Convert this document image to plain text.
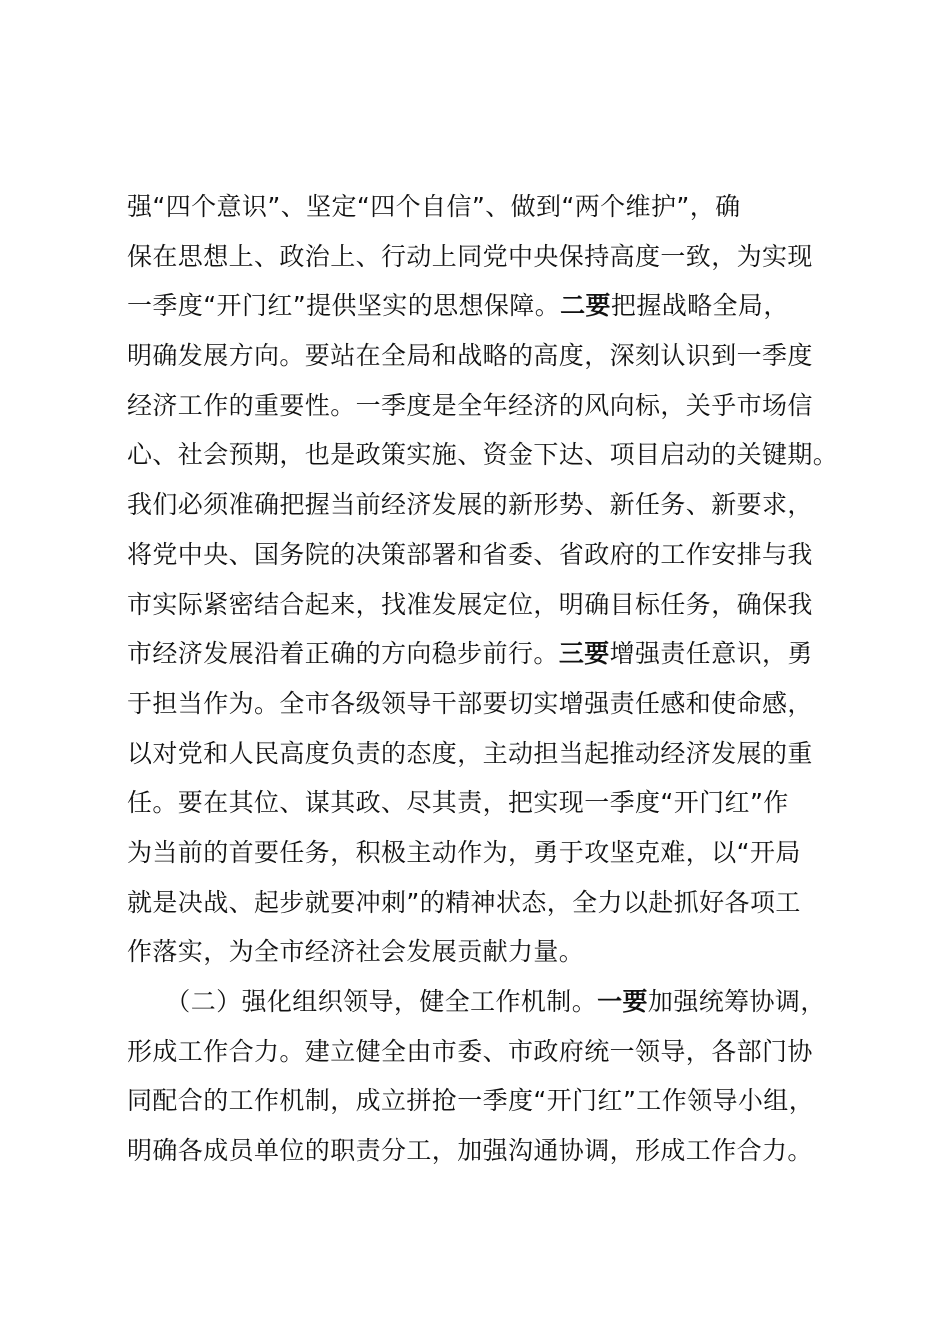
强“四个意识”、坚定“四个自信”、做到“两个维护”，确
保在思想上、政治上、行动上同党中央保持高度一致，为实现
一季度“开门红”提供坚实的思想保障。二要把握战略全局，
明确发展方向。要站在全局和战略的高度，深刻认识到一季度
经济工作的重要性。一季度是全年经济的风向标，关乎市场信
心、社会预期，也是政策实施、资金下达、项目启动的关键期。
我们必须准确把握当前经济发展的新形势、新任务、新要求，
将党中央、国务院的决策部署和省委、省政府的工作安排与我
市实际紧密结合起来，找准发展定位，明确目标任务，确保我
市经济发展沿着正确的方向稳步前行。三要增强责任意识，勇
于担当作为。全市各级领导干部要切实增强责任感和使命感，
以对党和人民高度负责的态度，主动担当起推动经济发展的重
任。要在其位、谋其政、尽其责，把实现一季度“开门红”作
为当前的首要任务，积极主动作为，勇于攻坚克难，以“开局
就是决战、起步就要冲刺”的精神状态，全力以赴抓好各项工
作落实，为全市经济社会发展贡献力量。
　　（二）强化组织领导，健全工作机制。一要加强统筹协调，
形成工作合力。建立健全由市委、市政府统一领导，各部门协
同配合的工作机制，成立拼抢一季度“开门红”工作领导小组，
明确各成员单位的职责分工，加强沟通协调，形成工作合力。
